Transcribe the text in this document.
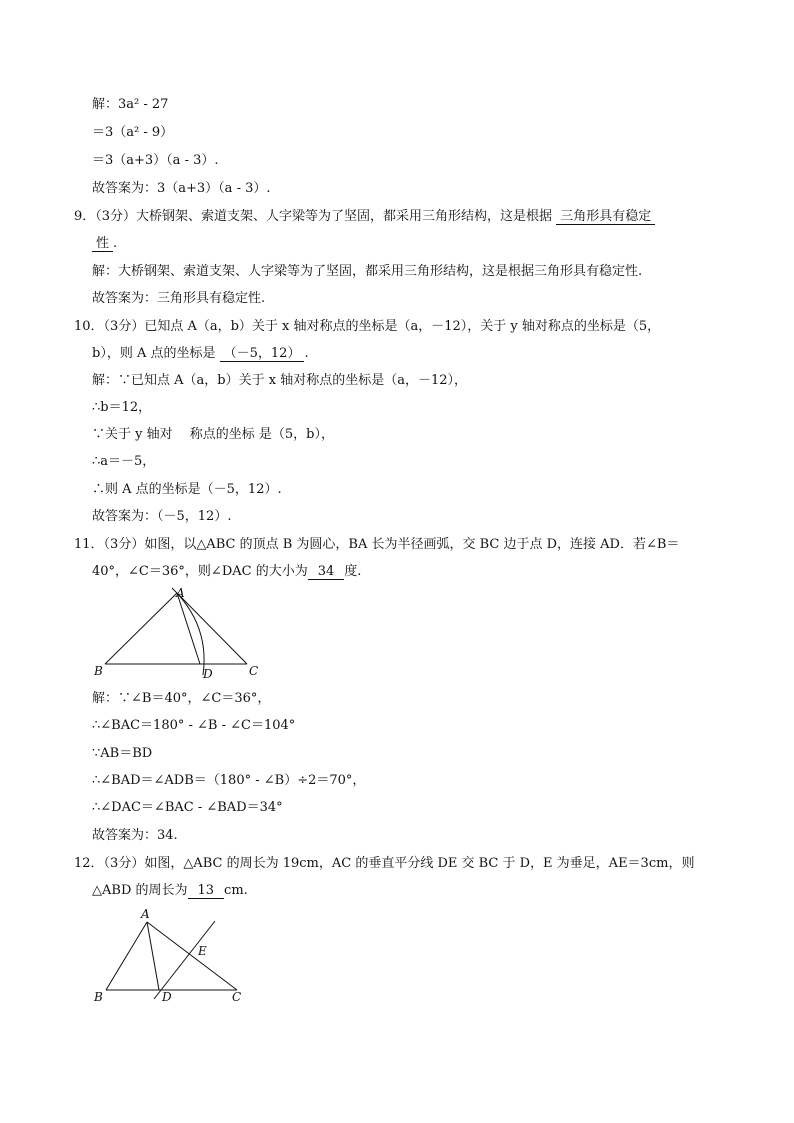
解：3a² - 27
＝3（a² - 9）
＝3（a+3）（a - 3）.
故答案为：3（a+3）（a - 3）.
9．（3分）大桥钢架、索道支架、人字梁等为了坚固，都采用三角形结构，这是根据 三角形具有稳定
性 .
解：大桥钢架、索道支架、人字梁等为了坚固，都采用三角形结构，这是根据三角形具有稳定性.
故答案为：三角形具有稳定性.
10．（3分）已知点 A（a，b）关于 x 轴对称点的坐标是（a，－12），关于 y 轴对称点的坐标是（5，
b），则 A 点的坐标是 （－5，12） .
解：∵已知点 A（a，b）关于 x 轴对称点的坐标是（a，－12），
∴b＝12，
∵关于 y 轴对　 称点的坐标 是（5，b），
∴a＝－5，
∴则 A 点的坐标是（－5，12）.
故答案为：（－5，12）.
11．（3分）如图，以△ABC 的顶点 B 为圆心，BA 长为半径画弧，交 BC 边于点 D，连接 AD．若∠B＝
40°，∠C＝36°，则∠DAC 的大小为 34 度.
A
B	C
D
解：∵∠B＝40°，∠C＝36°，
∴∠BAC＝180° - ∠B - ∠C＝104°
∵AB＝BD
∴∠BAD＝∠ADB＝（180° - ∠B）÷2＝70°，
∴∠DAC＝∠BAC - ∠BAD＝34°
故答案为：34.
12．（3分）如图，△ABC 的周长为 19cm，AC 的垂直平分线 DE 交 BC 于 D，E 为垂足，AE＝3cm，则
△ABD 的周长为 13 cm.
A
B	C
D
E
